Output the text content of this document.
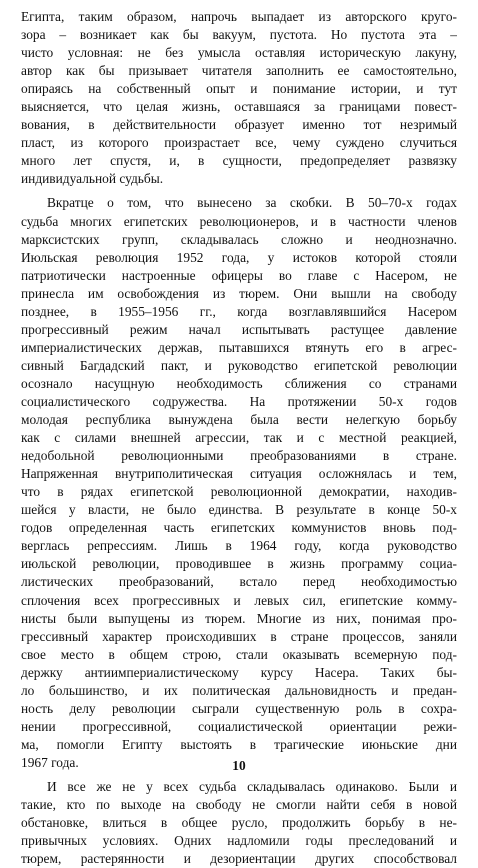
Египта, таким образом, напрочь выпадает из авторского круго-
зора – возникает как бы вакуум, пустота. Но пустота эта –
чисто условная: не без умысла оставляя историческую лакуну,
автор как бы призывает читателя заполнить ее самостоятельно,
опираясь на собственный опыт и понимание истории, и тут
выясняется, что целая жизнь, оставшаяся за границами повест-
вования, в действительности образует именно тот незримый
пласт, из которого произрастает все, чему суждено случиться
много лет спустя, и, в сущности, предопределяет развязку
индивидуальной судьбы.
Вкратце о том, что вынесено за скобки. В 50–70-х годах
судьба многих египетских революционеров, и в частности членов
марксистских групп, складывалась сложно и неоднозначно.
Июльская революция 1952 года, у истоков которой стояли
патриотически настроенные офицеры во главе с Насером, не
принесла им освобождения из тюрем. Они вышли на свободу
позднее, в 1955–1956 гг., когда возглавлявшийся Насером
прогрессивный режим начал испытывать растущее давление
империалистических держав, пытавшихся втянуть его в агрес-
сивный Багдадский пакт, и руководство египетской революции
осознало насущную необходимость сближения со странами
социалистического содружества. На протяжении 50-х годов
молодая республика вынуждена была вести нелегкую борьбу
как с силами внешней агрессии, так и с местной реакцией,
недобольной революционными преобразованиями в стране.
Напряженная внутриполитическая ситуация осложнялась и тем,
что в рядах египетской революционной демократии, находив-
шейся у власти, не было единства. В результате в конце 50-х
годов определенная часть египетских коммунистов вновь под-
верглась репрессиям. Лишь в 1964 году, когда руководство
июльской революции, проводившее в жизнь программу социа-
листических преобразований, встало перед необходимостью
сплочения всех прогрессивных и левых сил, египетские комму-
нисты были выпущены из тюрем. Многие из них, понимая про-
грессивный характер происходивших в стране процессов, заняли
свое место в общем строю, стали оказывать всемерную под-
держку антиимпериалистическому курсу Насера. Таких бы-
ло большинство, и их политическая дальновидность и предан-
ность делу революции сыграли существенную роль в сохра-
нении прогрессивной, социалистической ориентации режи-
ма, помогли Египту выстоять в трагические июньские дни
1967 года.
И все же не у всех судьба складывалась одинаково. Были и
такие, кто по выходе на свободу не смогли найти себя в новой
обстановке, влиться в общее русло, продолжить борьбу в не-
привычных условиях. Одних надломили годы преследований и
тюрем, растерянности и дезориентации других способствовал
10
